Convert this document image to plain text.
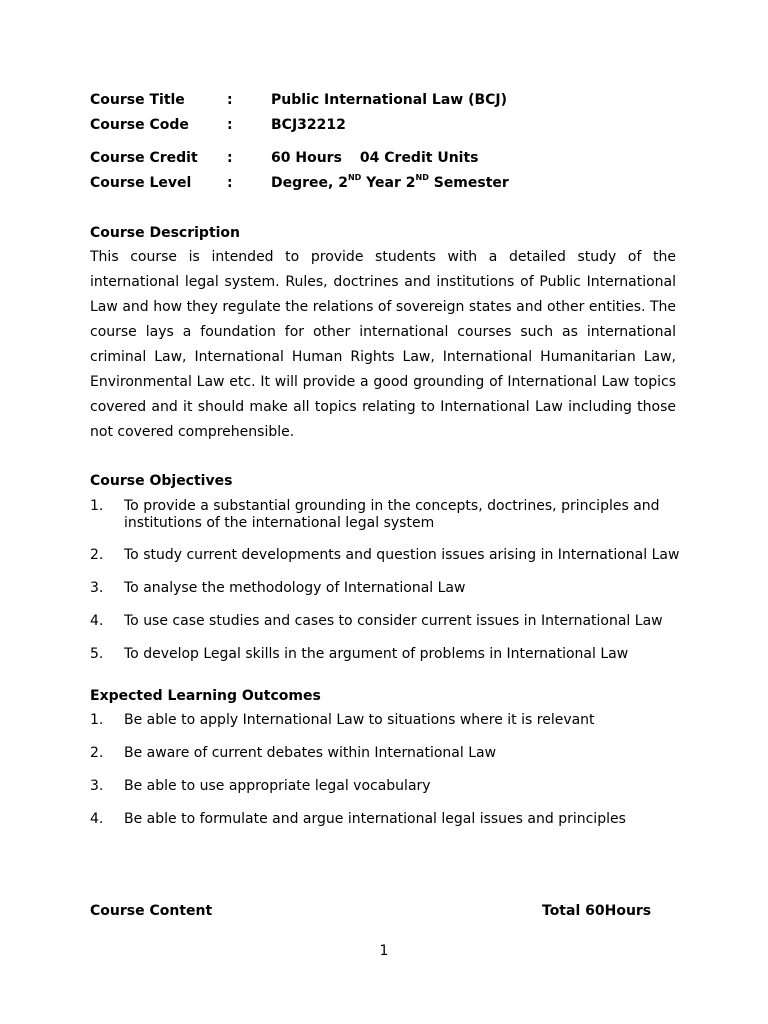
Course Title	:	Public International Law (BCJ)
Course Code	:	BCJ32212
Course Credit :	60 Hours 04 Credit Units
Course Level	:	Degree, 2ND Year 2ND Semester
Course Description

This course is intended to provide students with a detailed study of the international legal system. Rules, doctrines and institutions of Public International Law and how they regulate the relations of sovereign states and other entities. The course lays a foundation for other international courses such as international criminal Law, International Human Rights Law, International Humanitarian Law, Environmental Law etc. It will provide a good grounding of International Law topics covered and it should make all topics relating to International Law including those not covered comprehensible.

Course Objectives
1. To provide a substantial grounding in the concepts, doctrines, principles and institutions of the international legal system
2. To study current developments and question issues arising in International Law
3. To analyse the methodology of International Law
4. To use case studies and cases to consider current issues in International Law
5. To develop Legal skills in the argument of problems in International Law
Expected Learning Outcomes
1. Be able to apply International Law to situations where it is relevant
2. Be aware of current debates within International Law
3. Be able to use appropriate legal vocabulary
4. Be able to formulate and argue international legal issues and principles
Course Content	Total 60Hours
1
